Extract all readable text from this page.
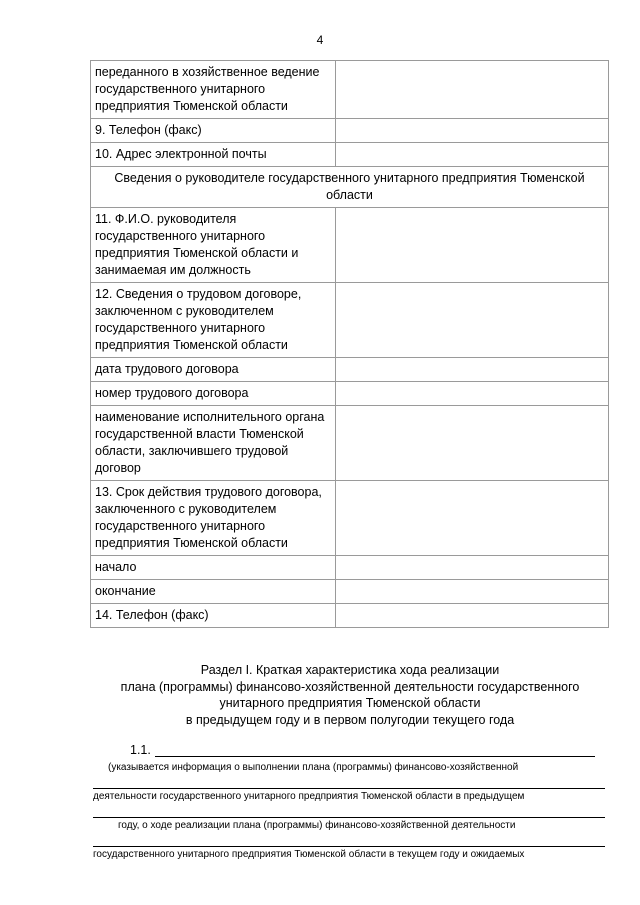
4
переданного в хозяйственное ведение государственного унитарного предприятия Тюменской области	
9. Телефон (факс)	
10. Адрес электронной почты	
Сведения о руководителе государственного унитарного предприятия Тюменской области	
11. Ф.И.О. руководителя государственного унитарного предприятия Тюменской области и занимаемая им должность	
12. Сведения о трудовом договоре, заключенном с руководителем государственного унитарного предприятия Тюменской области	
дата трудового договора	
номер трудового договора	
наименование исполнительного органа государственной власти Тюменской области, заключившего трудовой договор	
13. Срок действия трудового договора, заключенного с руководителем государственного унитарного предприятия Тюменской области	
начало	
окончание	
14. Телефон (факс)	
Раздел I. Краткая характеристика хода реализации
плана (программы) финансово-хозяйственной деятельности государственного
унитарного предприятия Тюменской области
в предыдущем году и в первом полугодии текущего года
1.1.
(указывается информация о выполнении плана (программы) финансово-хозяйственной
деятельности государственного унитарного предприятия Тюменской области в предыдущем
году, о ходе реализации плана (программы) финансово-хозяйственной деятельности
государственного унитарного предприятия Тюменской области в текущем году и ожидаемых
